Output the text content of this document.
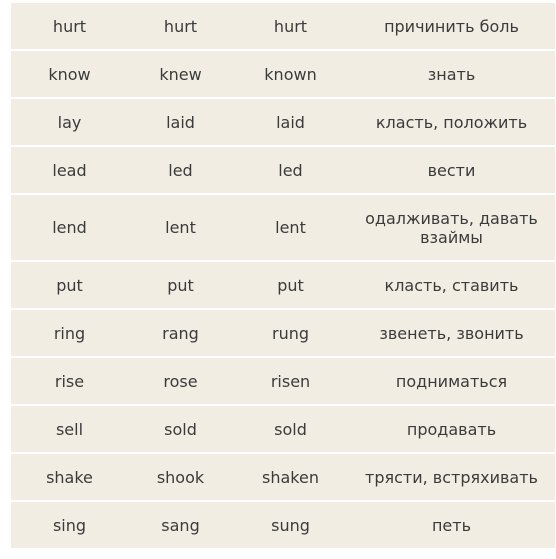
hurt	hurt	hurt	причинить боль
know	knew	known	знать
lay	laid	laid	класть, положить
lead	led	led	вести
lend	lent	lent	одалживать, давать взаймы
put	put	put	класть, ставить
ring	rang	rung	звенеть, звонить
rise	rose	risen	подниматься
sell	sold	sold	продавать
shake	shook	shaken	трясти, встряхивать
sing	sang	sung	петь
